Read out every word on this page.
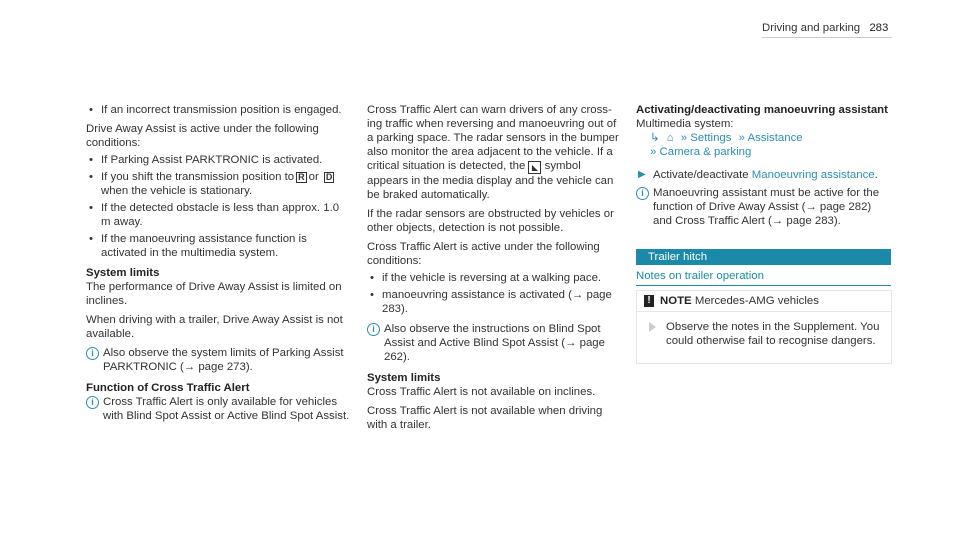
Driving and parking 283

• If an incorrect transmission position is engaged.

Drive Away Assist is active under the following conditions:

• If Parking Assist PARKTRONIC is activated.

• If you shift the transmission position to R or Dwhen the vehicle is stationary.

• If the detected obstacle is less than approx. 1.0 m away.

• If the manoeuvring assistance function is activated in the multimedia system.

System limits

The performance of Drive Away Assist is limited on inclines.

When driving with a trailer, Drive Away Assist is not available.

i Also observe the system limits of Parking Assist PARKTRONIC (→ page 273).

Function of Cross Traffic Alert

i Cross Traffic Alert is only available for vehicles with Blind Spot Assist or Active Blind Spot Assist.

Cross Traffic Alert can warn drivers of any cross-ing traffic when reversing and manoeuvring out of a parking space. The radar sensors in the bumper also monitor the area adjacent to the vehicle. If a critical situation is detected, the ◣ symbol appears in the media display and the vehicle can be braked automatically.

If the radar sensors are obstructed by vehicles or other objects, detection is not possible.

Cross Traffic Alert is active under the following conditions:

• if the vehicle is reversing at a walking pace.

• manoeuvring assistance is activated (→ page 283).

i Also observe the instructions on Blind Spot Assist and Active Blind Spot Assist (→ page 262).

System limits

Cross Traffic Alert is not available on inclines.

Cross Traffic Alert is not available when driving with a trailer.

Activating/deactivating manoeuvring assistant

Multimedia system:

↳ ⌂ » Settings » Assistance

» Camera & parking

▶ Activate/deactivate Manoeuvring assistance.

i Manoeuvring assistant must be active for the function of Drive Away Assist (→ page 282) and Cross Traffic Alert (→ page 283).

Trailer hitch
Notes on trailer operation
! NOTE Mercedes-AMG vehicles

Observe the notes in the Supplement. You could otherwise fail to recognise dangers.
